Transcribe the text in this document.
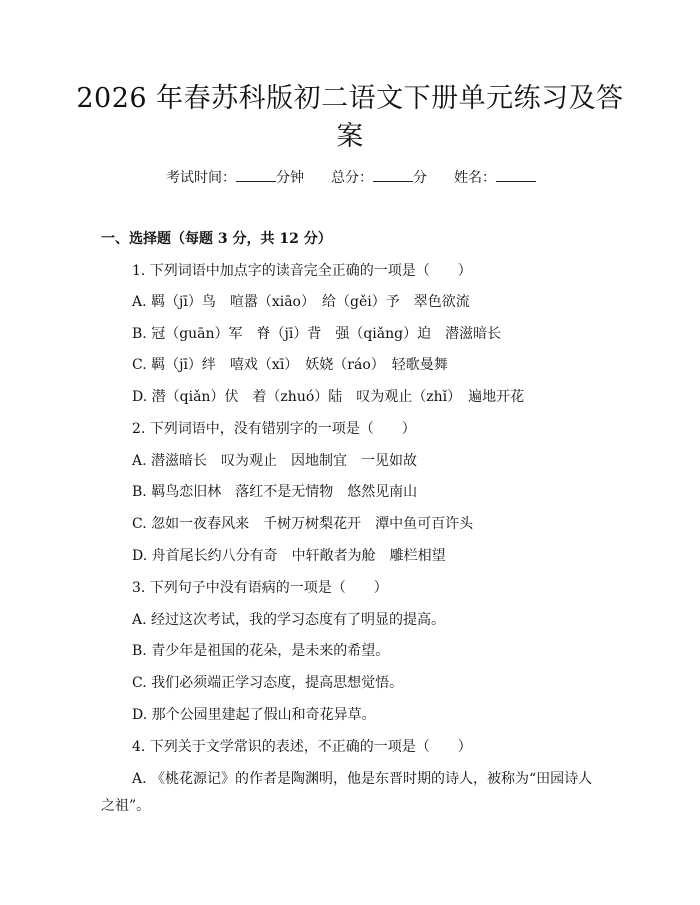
2026 年春苏科版初二语文下册单元练习及答
案
考试时间：	分钟 总分：	分 姓名：
一、选择题（每题 3 分，共 12 分）

1. 下列词语中加点字的读音完全正确的一项是（　　）

A. 羁（jī）鸟　喧嚣（xiāo）　给（gěi）予　翠色欲流

B. 冠（guān）军　脊（jī）背　强（qiǎng）迫　潜滋暗长

C. 羁（jī）绊　嘻戏（xī）　妖娆（ráo）　轻歌曼舞

D. 潜（qiǎn）伏　着（zhuó）陆　叹为观止（zhǐ）　遍地开花

2. 下列词语中，没有错别字的一项是（　　）

A. 潜滋暗长　叹为观止　因地制宜　一见如故

B. 羁鸟恋旧林　落红不是无情物　悠然见南山

C. 忽如一夜春风来　千树万树梨花开　潭中鱼可百许头

D. 舟首尾长约八分有奇　中轩敞者为舱　雕栏相望

3. 下列句子中没有语病的一项是（　　）

A. 经过这次考试，我的学习态度有了明显的提高。

B. 青少年是祖国的花朵，是未来的希望。

C. 我们必须端正学习态度，提高思想觉悟。

D. 那个公园里建起了假山和奇花异草。

4. 下列关于文学常识的表述，不正确的一项是（　　）

A. 《桃花源记》的作者是陶渊明，他是东晋时期的诗人，被称为“田园诗人之祖”。
